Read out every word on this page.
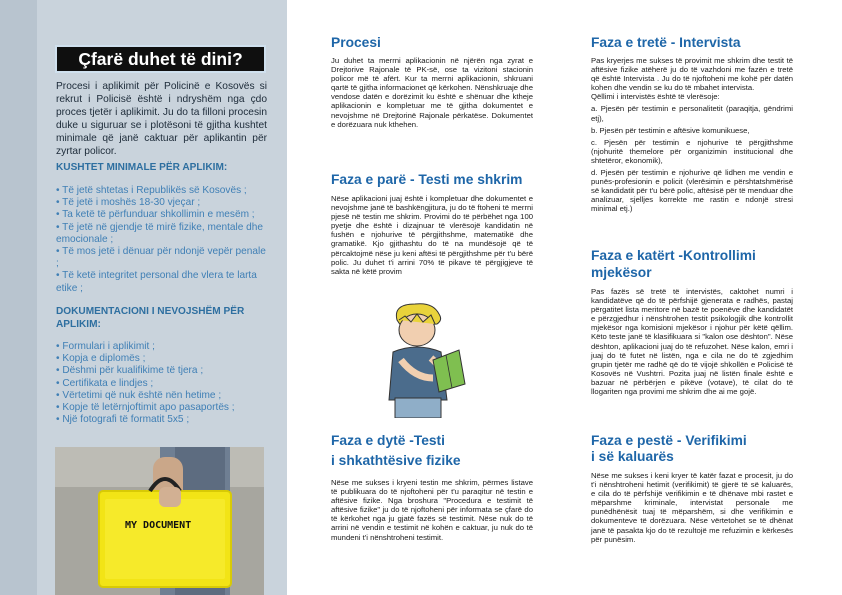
Çfarë duhet të dini?
Procesi i aplikimit për Policinë e Kosovës si rekrut i Policisë është i ndryshëm nga çdo proces tjetër i aplikimit. Ju do ta filloni procesin duke u siguruar se i plotësoni të gjitha kushtet minimale që janë caktuar për aplikantin për zyrtar policor.
KUSHTET MINIMALE PËR APLIKIM:
• Të jetë shtetas i Republikës së Kosovës ;
• Të jetë i moshës 18-30 vjeçar ;
• Ta ketë të përfunduar shkollimin e mesëm ;
• Të jetë në gjendje të mirë fizike, mentale dhe emocionale ;
• Të mos jetë i dënuar për ndonjë vepër penale ;
• Të ketë integritet personal dhe vlera te larta etike ;
DOKUMENTACIONI I NEVOJSHËM PËR APLIKIM:
• Formulari i aplikimit ;
• Kopja e diplomës ;
• Dëshmi për kualifikime të tjera ;
• Certifikata e lindjes ;
• Vërtetimi që nuk është nën hetime ;
• Kopje të letërnjoftimit apo pasaportës ;
• Një fotografi të formatit 5x5 ;
MY DOCUMENT
Procesi
Ju duhet ta merrni aplikacionin në njërën nga zyrat e Drejtorive Rajonale të PK-së, ose ta vizitoni stacionin policor më të afërt. Kur ta merrni aplikacionin, shkruani qartë të gjitha informacionet që kërkohen. Nënshkruaje dhe vendose datën e dorëzimit ku është e shënuar dhe ktheje aplikacionin e kompletuar me të gjitha dokumentet e nevojshme në Drejtorinë Rajonale përkatëse. Dokumentet e dorëzuara nuk kthehen.
Faza e parë - Testi me shkrim
Nëse aplikacioni juaj është i kompletuar dhe dokumentet e nevojshme janë të bashkëngjitura, ju do të ftoheni të merrni pjesë në testin me shkrim. Provimi do të përbëhet nga 100 pyetje dhe është i dizajnuar të vlerësojë kandidatin në fushën e njohurive të përgjithshme, matematikë dhe gramatikë. Kjo gjithashtu do të na mundësojë që të përcaktojmë nëse ju keni aftësi të përgjithshme për t'u bërë polic. Ju duhet t'i arrini 70% të pikave të përgjigjeve të sakta në këtë provim
Faza e dytë -Testi
i shkathtësive fizike
Nëse me sukses i kryeni testin me shkrim, përmes listave të publikuara do të njoftoheni për t'u paraqitur në testin e aftësive fizike. Nga broshura "Procedura e testimit të aftësive fizike" ju do të njoftoheni për informata se çfarë do të kërkohet nga ju gjatë fazës së testimit. Nëse nuk do të arrini në vendin e testimit në kohën e caktuar, ju nuk do të mundeni t'i nënshtroheni testimit.
Faza e tretë - Intervista
Pas kryerjes me sukses të provimit me shkrim dhe testit të aftësive fizike atëherë ju do të vazhdoni me fazën e tretë që është Intervista . Ju do të njoftoheni me kohë për datën kohen dhe vendin se ku do të mbahet intervista.
Qëllimi i intervistës është të vlerësoje:
a. Pjesën për testimin e personalitetit (paraqitja, gëndrimi etj),
b. Pjesën për testimin e aftësive komunikuese,
c. Pjesën për testimin e njohurive të përgjithshme (njohuritë themelore për organizimin institucional dhe shtetëror, ekonomik),
d. Pjesën për testimin e njohurive që lidhen me vendin e punës-profesionin e policit (vlerësimin e përshtatshmërisë së kandidatit për t'u bërë polic, aftësisë për të menduar dhe analizuar, sjelljes korrekte me rastin e ndonjë stresi minimal etj.)
Faza e katërt -Kontrollimi
mjekësor
Pas fazës së tretë të intervistës, caktohet numri i kandidatëve që do të përfshijë gjenerata e radhës, pastaj përgatitet lista meritore në bazë te poenëve dhe kandidatët e përzgjedhur i nënshtrohen testit psikologjik dhe kontrollit mjekësor nga komisioni mjekësor i njohur për këtë qëllim. Këto teste janë të klasifikuara si "kalon ose dështon". Nëse dështon, aplikacioni juaj do të refuzohet. Nëse kalon, emri i juaj do të futet në listën, nga e cila ne do të zgjedhim grupin tjetër me radhë që do të vijojë shkollën e Policisë të Kosovës në Vushtrri. Pozita juaj në listën finale është e bazuar në përbërjen e pikëve (votave), të cilat do të llogariten nga provimi me shkrim dhe ai me gojë.
Faza e pestë - Verifikimi
i së kaluarës
Nëse me sukses i keni kryer të katër fazat e procesit, ju do t'i nënshtroheni hetimit (verifikimit) të gjerë të së kaluarës, e cila do të përfshijë verifikimin e të dhënave mbi rastet e mëparshme kriminale, intervistat personale me punëdhënësit tuaj të mëparshëm, si dhe verifikimin e dokumenteve të dorëzuara. Nëse vërtetohet se të dhënat janë të pasakta kjo do të rezultojë me refuzimin e kërkesës për punësim.
